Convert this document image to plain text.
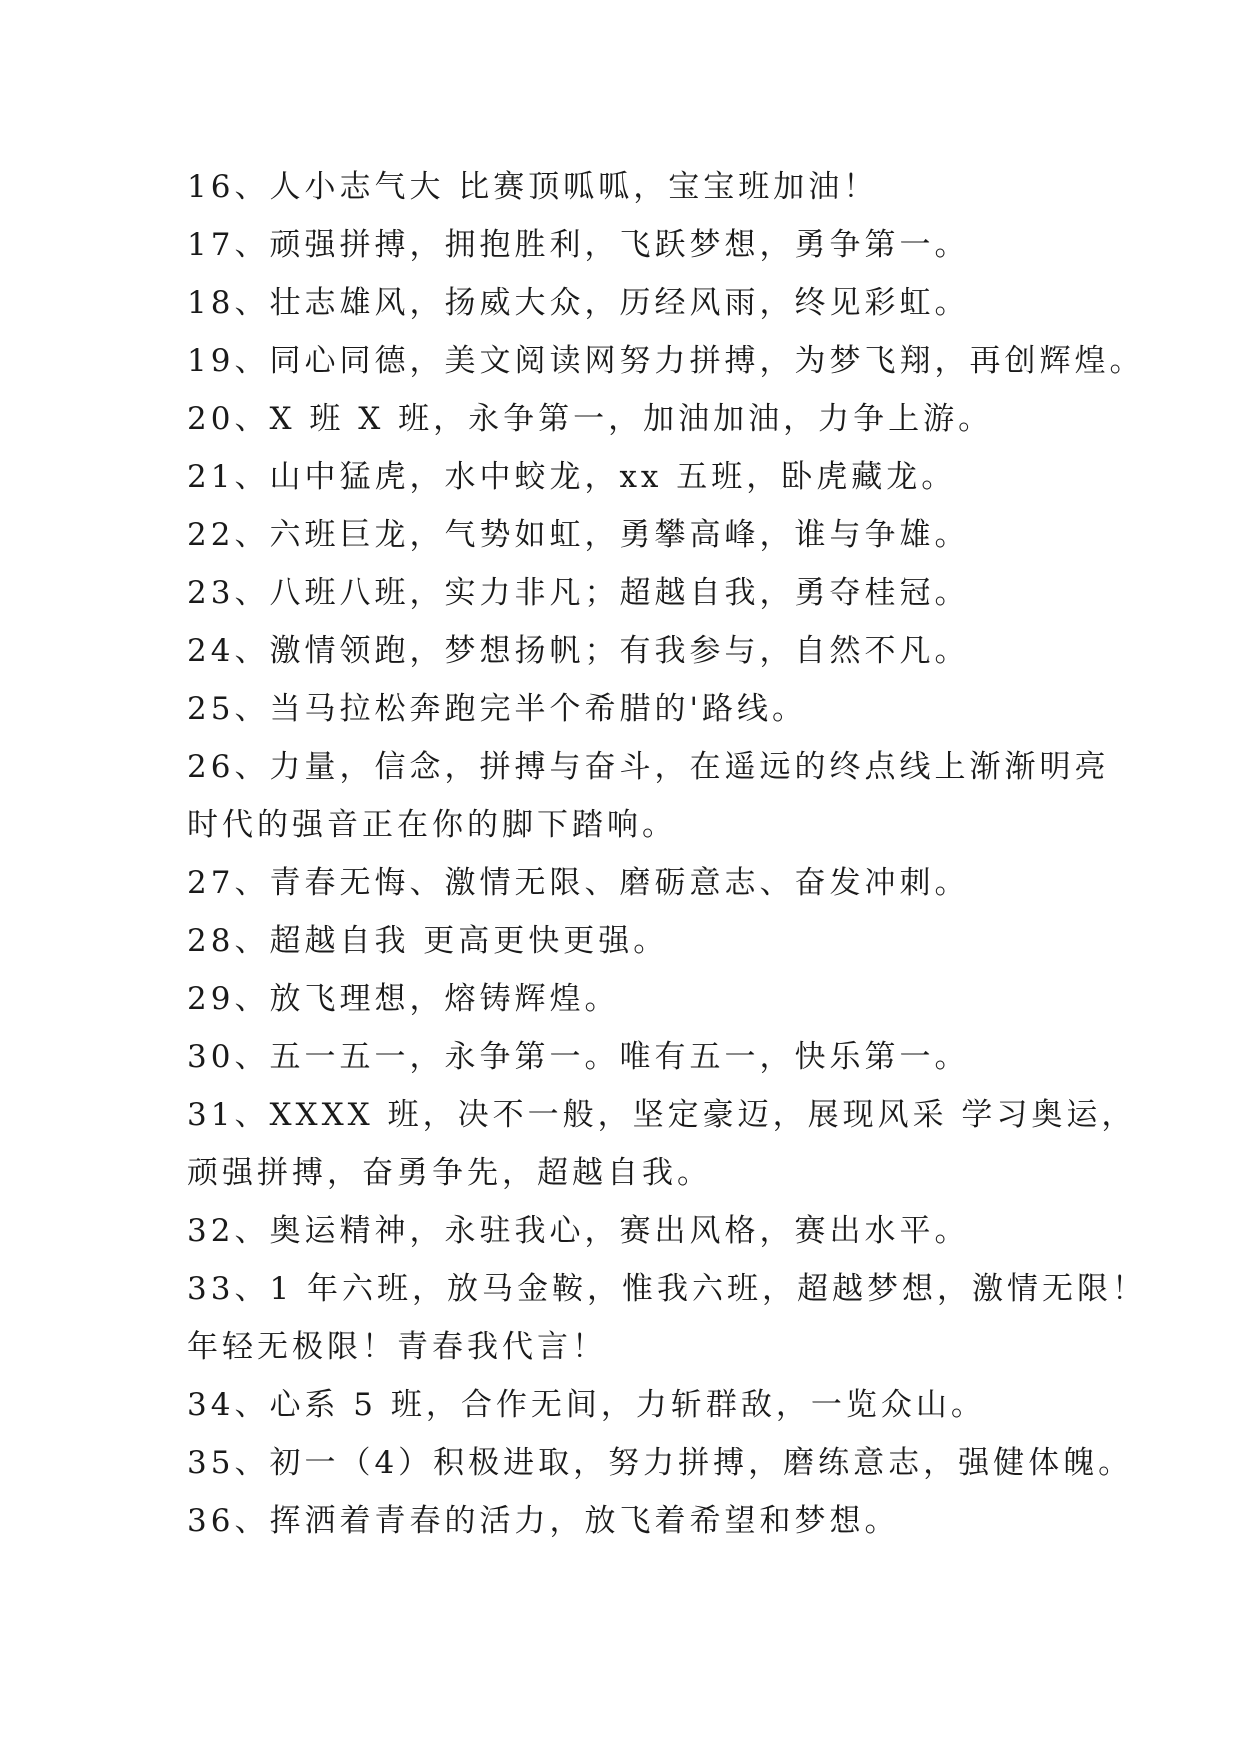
16、人小志气大 比赛顶呱呱，宝宝班加油！
17、顽强拼搏，拥抱胜利，飞跃梦想，勇争第一。
18、壮志雄风，扬威大众，历经风雨，终见彩虹。
19、同心同德，美文阅读网努力拼搏，为梦飞翔，再创辉煌。
20、X 班 X 班，永争第一，加油加油，力争上游。
21、山中猛虎，水中蛟龙，xx 五班，卧虎藏龙。
22、六班巨龙，气势如虹，勇攀高峰，谁与争雄。
23、八班八班，实力非凡；超越自我，勇夺桂冠。
24、激情领跑，梦想扬帆；有我参与，自然不凡。
25、当马拉松奔跑完半个希腊的'路线。
26、力量，信念，拼搏与奋斗，在遥远的终点线上渐渐明亮
时代的强音正在你的脚下踏响。
27、青春无悔、激情无限、磨砺意志、奋发冲刺。
28、超越自我 更高更快更强。
29、放飞理想，熔铸辉煌。
30、五一五一，永争第一。唯有五一，快乐第一。
31、XXXX 班，决不一般，坚定豪迈，展现风采 学习奥运，
顽强拼搏，奋勇争先，超越自我。
32、奥运精神，永驻我心，赛出风格，赛出水平。
33、1 年六班，放马金鞍，惟我六班，超越梦想，激情无限！
年轻无极限！青春我代言！
34、心系 5 班，合作无间，力斩群敌，一览众山。
35、初一（4）积极进取，努力拼搏，磨练意志，强健体魄。
36、挥洒着青春的活力，放飞着希望和梦想。
